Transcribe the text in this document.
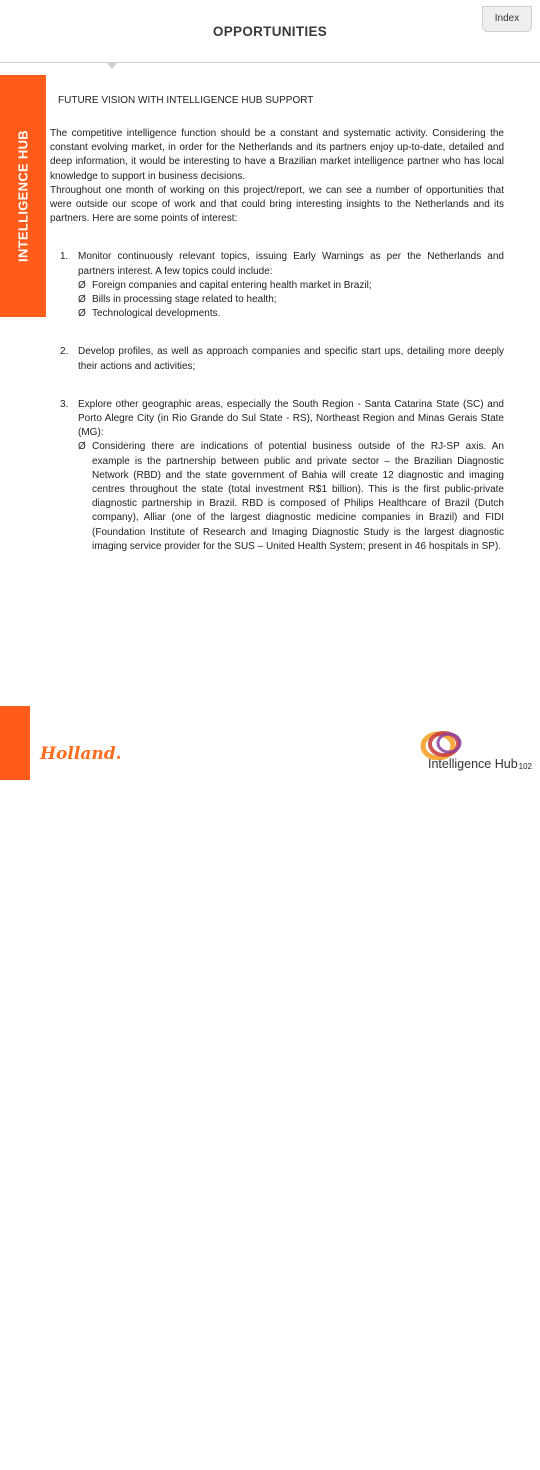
OPPORTUNITIES
Index
INTELLIGENCE HUB
FUTURE VISION WITH INTELLIGENCE HUB SUPPORT

The competitive intelligence function should be a constant and systematic activity. Considering the constant evolving market, in order for the Netherlands and its partners enjoy up-to-date, detailed and deep information, it would be interesting to have a Brazilian market intelligence partner who has local knowledge to support in business decisions.

Throughout one month of working on this project/report, we can see a number of opportunities that were outside our scope of work and that could bring interesting insights to the Netherlands and its partners. Here are some points of interest:

1. Monitor continuously relevant topics, issuing Early Warnings as per the Netherlands and partners interest. A few topics could include:
Ø Foreign companies and capital entering health market in Brazil;
Ø Bills in processing stage related to health;
Ø Technological developments.
2. Develop profiles, as well as approach companies and specific start ups, detailing more deeply their actions and activities;
3. Explore other geographic areas, especially the South Region - Santa Catarina State (SC) and Porto Alegre City (in Rio Grande do Sul State - RS), Northeast Region and Minas Gerais State (MG):
Ø Considering there are indications of potential business outside of the RJ-SP axis. An example is the partnership between public and private sector – the Brazilian Diagnostic Network (RBD) and the state government of Bahia will create 12 diagnostic and imaging centres throughout the state (total investment R$1 billion). This is the first public-private diagnostic partnership in Brazil. RBD is composed of Philips Healthcare of Brazil (Dutch company), Alliar (one of the largest diagnostic medicine companies in Brazil) and FIDI (Foundation Institute of Research and Imaging Diagnostic Study is the largest diagnostic imaging service provider for the SUS – United Health System; present in 46 hospitals in SP).
Holland.	Intelligence Hub 102
